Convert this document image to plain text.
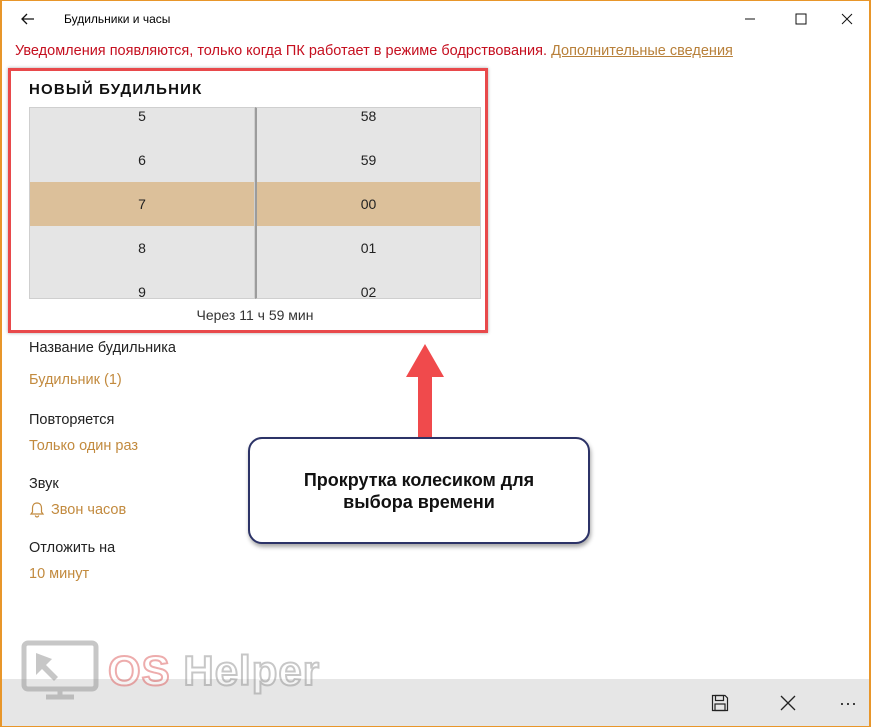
Будильники и часы
Уведомления появляются, только когда ПК работает в режиме бодрствования. Дополнительные сведения
НОВЫЙ БУДИЛЬНИК
5
6
7
8
9
58
59
00
01
02
Через 11 ч 59 мин
Название будильника
Будильник (1)
Повторяется
Только один раз
Звук
Звон часов
Отложить на
10 минут
Прокрутка колесиком для выбора времени
···
OS Helper
